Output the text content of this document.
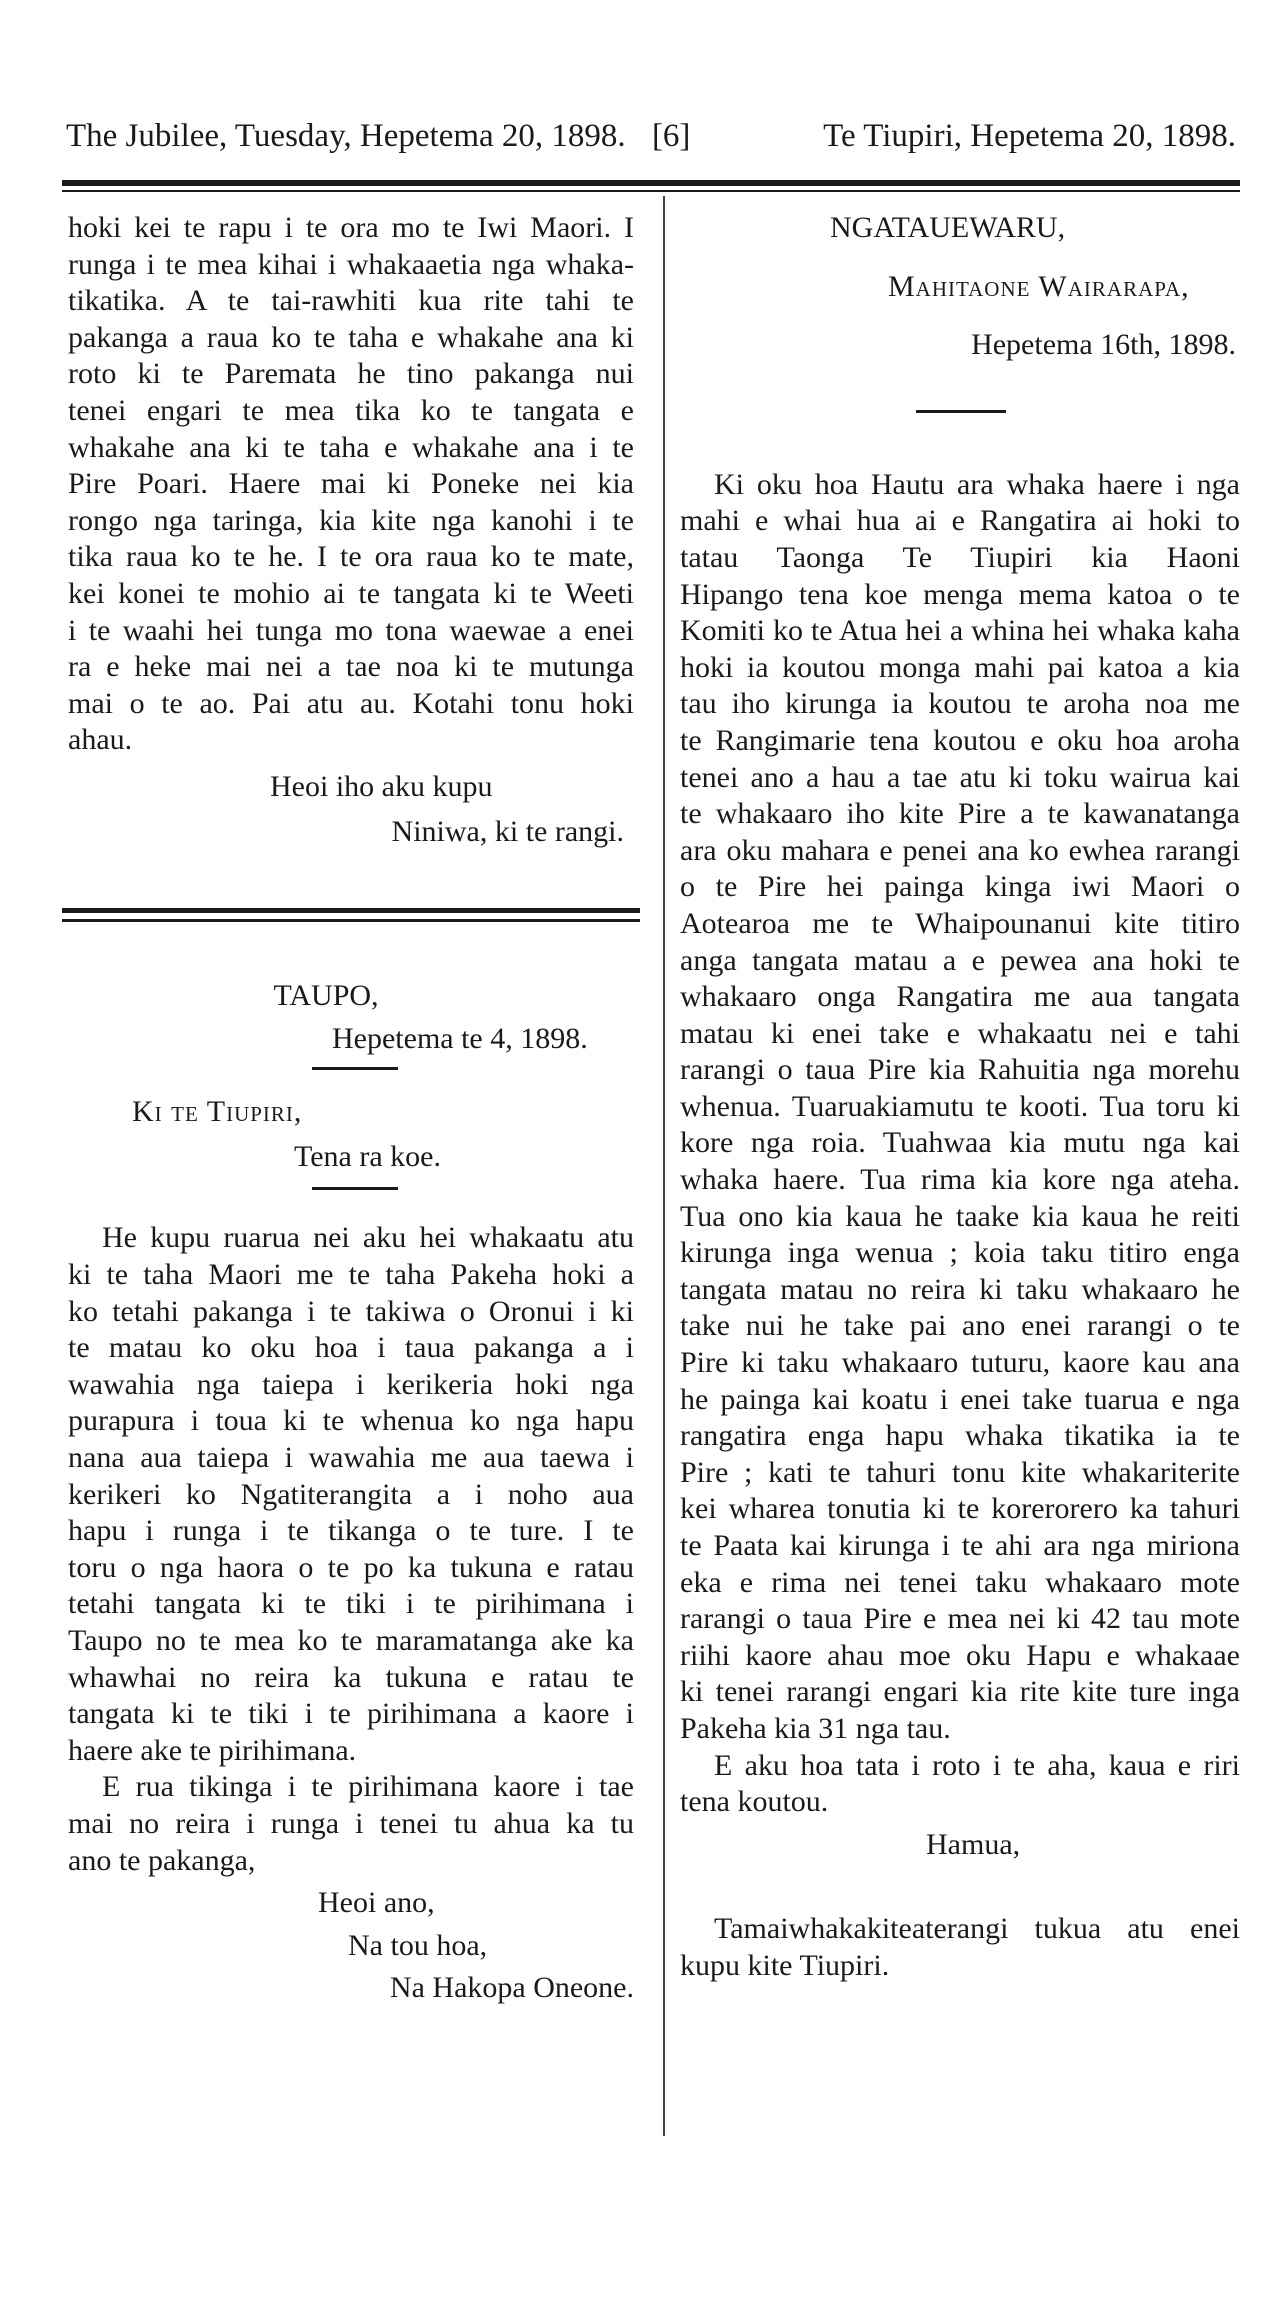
The Jubilee, Tuesday, Hepetema 20, 1898. [6]	Te Tiupiri, Hepetema 20, 1898.
hoki kei te rapu i te ora mo te Iwi Maori. I
runga i te mea kihai i whakaaetia nga whaka-
tikatika. A te tai-rawhiti kua rite tahi te
pakanga a raua ko te taha e whakahe ana ki
roto ki te Paremata he tino pakanga nui
tenei engari te mea tika ko te tangata e
whakahe ana ki te taha e whakahe ana i te
Pire Poari. Haere mai ki Poneke nei kia
rongo nga taringa, kia kite nga kanohi i te
tika raua ko te he. I te ora raua ko te mate,
kei konei te mohio ai te tangata ki te Weeti
i te waahi hei tunga mo tona waewae a enei
ra e heke mai nei a tae noa ki te mutunga
mai o te ao. Pai atu au. Kotahi tonu hoki
ahau.
Heoi iho aku kupu
Niniwa, ki te rangi.
TAUPO,
Hepetema te 4, 1898.
Ki te Tiupiri,
Tena ra koe.
He kupu ruarua nei aku hei whakaatu atu
ki te taha Maori me te taha Pakeha hoki a
ko tetahi pakanga i te takiwa o Oronui i ki
te matau ko oku hoa i taua pakanga a i
wawahia nga taiepa i kerikeria hoki nga
purapura i toua ki te whenua ko nga hapu
nana aua taiepa i wawahia me aua taewa i
kerikeri ko Ngatiterangita a i noho aua
hapu i runga i te tikanga o te ture. I te
toru o nga haora o te po ka tukuna e ratau
tetahi tangata ki te tiki i te pirihimana i
Taupo no te mea ko te maramatanga ake ka
whawhai no reira ka tukuna e ratau te
tangata ki te tiki i te pirihimana a kaore i
haere ake te pirihimana.
E rua tikinga i te pirihimana kaore i tae
mai no reira i runga i tenei tu ahua ka tu
ano te pakanga,
Heoi ano,
Na tou hoa,
Na Hakopa Oneone.
NGATAUEWARU,
Mahitaone Wairarapa,
Hepetema 16th, 1898.
Ki oku hoa Hautu ara whaka haere i nga
mahi e whai hua ai e Rangatira ai hoki to
tatau Taonga Te Tiupiri kia Haoni
Hipango tena koe menga mema katoa o te
Komiti ko te Atua hei a whina hei whaka kaha
hoki ia koutou monga mahi pai katoa a kia
tau iho kirunga ia koutou te aroha noa me
te Rangimarie tena koutou e oku hoa aroha
tenei ano a hau a tae atu ki toku wairua kai
te whakaaro iho kite Pire a te kawanatanga
ara oku mahara e penei ana ko ewhea rarangi
o te Pire hei painga kinga iwi Maori o
Aotearoa me te Whaipounanui kite titiro
anga tangata matau a e pewea ana hoki te
whakaaro onga Rangatira me aua tangata
matau ki enei take e whakaatu nei e tahi
rarangi o taua Pire kia Rahuitia nga morehu
whenua. Tuaruakiamutu te kooti. Tua toru ki
kore nga roia. Tuahwaa kia mutu nga kai
whaka haere. Tua rima kia kore nga ateha.
Tua ono kia kaua he taake kia kaua he reiti
kirunga inga wenua ; koia taku titiro enga
tangata matau no reira ki taku whakaaro he
take nui he take pai ano enei rarangi o te
Pire ki taku whakaaro tuturu, kaore kau ana
he painga kai koatu i enei take tuarua e nga
rangatira enga hapu whaka tikatika ia te
Pire ; kati te tahuri tonu kite whakariterite
kei wharea tonutia ki te korerorero ka tahuri
te Paata kai kirunga i te ahi ara nga miriona
eka e rima nei tenei taku whakaaro mote
rarangi o taua Pire e mea nei ki 42 tau mote
riihi kaore ahau moe oku Hapu e whakaae
ki tenei rarangi engari kia rite kite ture inga
Pakeha kia 31 nga tau.
E aku hoa tata i roto i te aha, kaua e riri
tena koutou.
Hamua,
Tamaiwhakakiteaterangi tukua atu enei
kupu kite Tiupiri.
